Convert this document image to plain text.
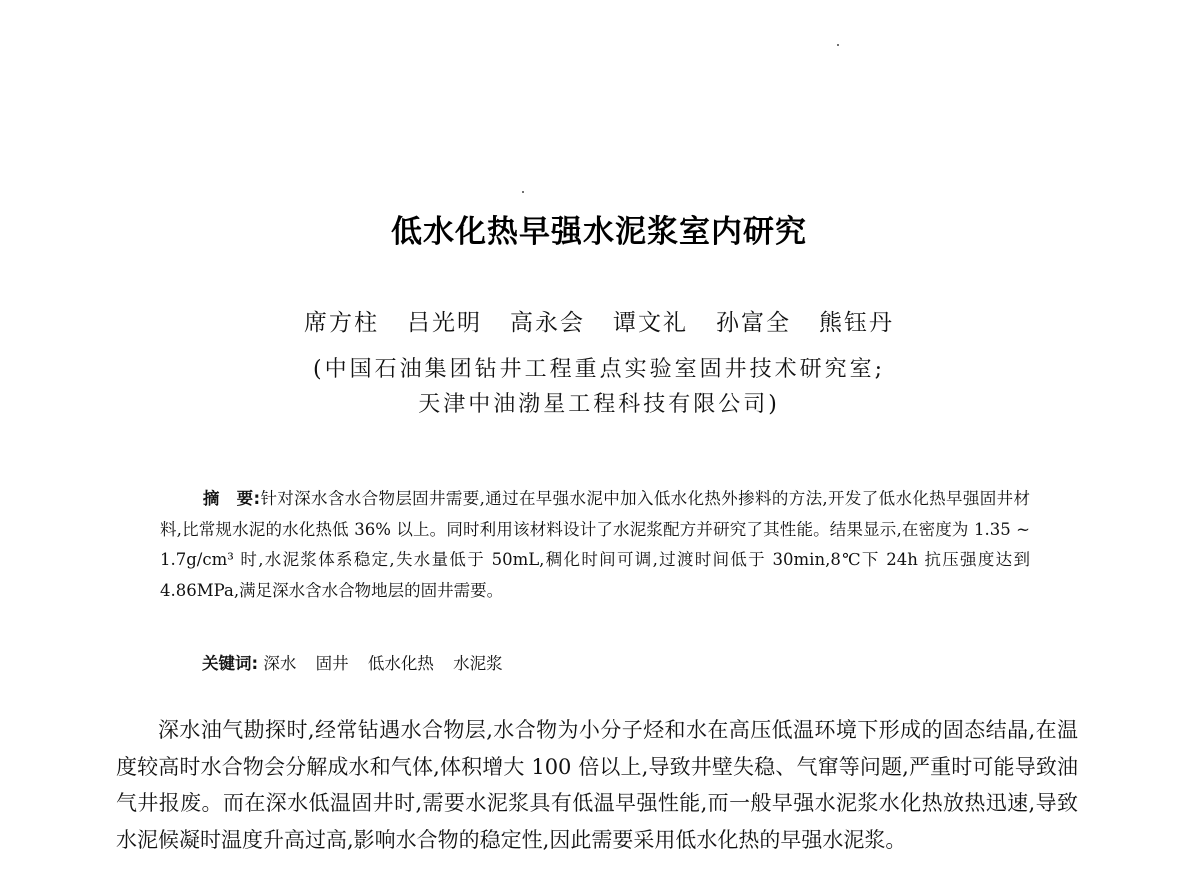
低水化热早强水泥浆室内研究
席方柱 吕光明 高永会 谭文礼 孙富全 熊钰丹
(中国石油集团钻井工程重点实验室固井技术研究室;
天津中油渤星工程科技有限公司)

摘　要:针对深水含水合物层固井需要,通过在早强水泥中加入低水化热外掺料的方法,开发了低水化热早强固井材料,比常规水泥的水化热低 36% 以上。同时利用该材料设计了水泥浆配方并研究了其性能。结果显示,在密度为 1.35 ~ 1.7g/cm³ 时,水泥浆体系稳定,失水量低于 50mL,稠化时间可调,过渡时间低于 30min,8℃下 24h 抗压强度达到 4.86MPa,满足深水含水合物地层的固井需要。

关键词: 深水 固井 低水化热 水泥浆

深水油气勘探时,经常钻遇水合物层,水合物为小分子烃和水在高压低温环境下形成的固态结晶,在温度较高时水合物会分解成水和气体,体积增大 100 倍以上,导致井壁失稳、气窜等问题,严重时可能导致油气井报废。而在深水低温固井时,需要水泥浆具有低温早强性能,而一般早强水泥浆水化热放热迅速,导致水泥候凝时温度升高过高,影响水合物的稳定性,因此需要采用低水化热的早强水泥浆。
